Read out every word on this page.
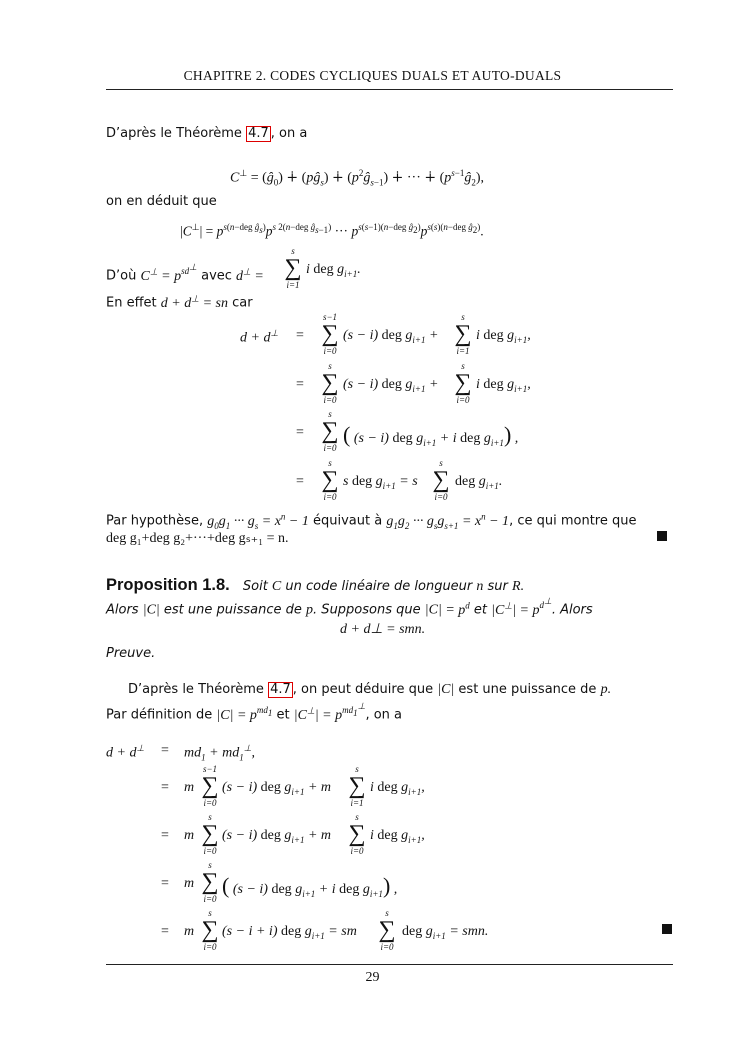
CHAPITRE 2. CODES CYCLIQUES DUALS ET AUTO-DUALS
D’après le Théorème 4.7 , on a
$C^\perp = (ĝ_0)$ ∔ $(pĝ_s)$ ∔ $(p^2ĝ_{s-1})$ ∔ ··· ∔ $(p^{s-1}ĝ_2)$,
on en déduit que
$|C^\perp| = p^{s(n-deg ĝ_s)}p^{s 2(n-deg ĝ_{s-1})}$ ··· $p^{s(s-1)(n-deg ĝ_2)}p^{s(s)(n-deg ĝ_2)}$.
D’où $C^\perp = p^{sd^\perp}$ avec d⊥ =
s
∑
i=1
i deg $g_{i+1}$.
En effet d + d⊥ = sn car
d + d⊥ =
s−1
∑
i=0
(s − i) deg $g_{i+1}$ +
s
∑
i=1
i deg $g_{i+1}$,
=
s
∑
i=0
(s − i) deg $g_{i+1}$ +
s
∑
i=0
i deg $g_{i+1}$,
=
s
∑
i=0
( (s − i) deg $g_{i+1} + i$ deg $g_{i+1}$) ,
=
s
∑
i=0
s deg $g_{i+1} = s$
s
∑
i=0
deg $g_{i+1}$.
Par hypothèse, $g_0g_1$ ··· $g_s = x^n - 1$ équivaut à $g_1g_2$ ··· $g_sg_{s+1} = x^n - 1$, ce qui montre que
deg g₁+deg g₂+···+deg gₛ₊₁ = n.
Proposition 1.8. Soit C un code linéaire de longueur n sur R.
Alors |C| est une puissance de p. Supposons que $|C| = p^d$ et $|C^\perp| = p^{d^\perp}$. Alors
d + d⊥ = smn.
Preuve.
D’après le Théorème 4.7 , on peut déduire que |C| est une puissance de p.
Par définition de $|C| = p^{md_1}$ et $|C^\perp| = p^{md_1^\perp}$, on a
$d + d^\perp = md_1 + md_1^\perp$,
= m
s−1
∑
i=0
(s − i) deg $g_{i+1} + m$
s
∑
i=1
i deg $g_{i+1}$,
= m
s
∑
i=0
(s − i) deg $g_{i+1} + m$
s
∑
i=0
i deg $g_{i+1}$,
= m
s
∑
i=0
( (s − i) deg $g_{i+1} + i$ deg $g_{i+1}$) ,
= m
s
∑
i=0
(s − i + i) deg $g_{i+1}$ = sm
s
∑
i=0
deg $g_{i+1}$ = smn.
29
